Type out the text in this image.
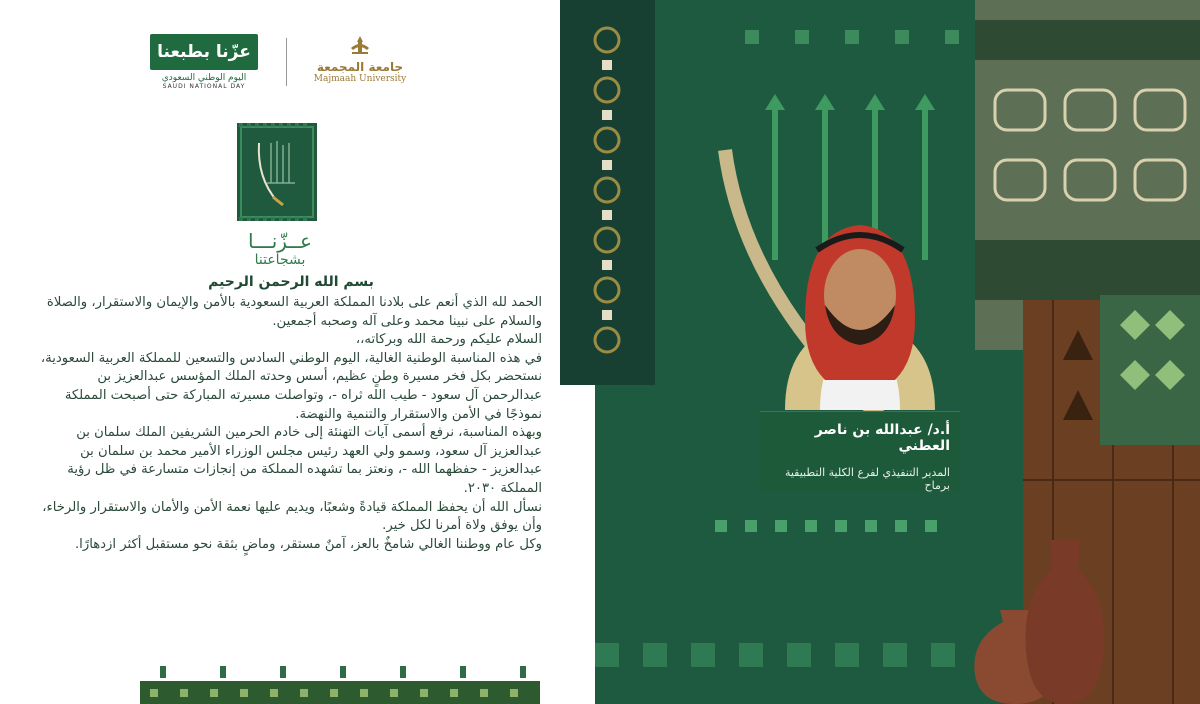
عزّنا بطبعنا
اليوم الوطني السعودي
SAUDI NATIONAL DAY
جامعة المجمعة
Majmaah University
عــزّنـــا
بشجاعتنا
بسم الله الرحمن الرحيم

الحمد لله الذي أنعم على بلادنا المملكة العربية السعودية بالأمن والإيمان والاستقرار، والصلاة والسلام على نبينا محمد وعلى آله وصحبه أجمعين.

السلام عليكم ورحمة الله وبركاته،،

في هذه المناسبة الوطنية الغالية، اليوم الوطني السادس والتسعين للمملكة العربية السعودية، نستحضر بكل فخر مسيرة وطنٍ عظيم، أسس وحدته الملك المؤسس عبدالعزيز بن عبدالرحمن آل سعود - طيب الله ثراه -، وتواصلت مسيرته المباركة حتى أصبحت المملكة نموذجًا في الأمن والاستقرار والتنمية والنهضة.

وبهذه المناسبة، نرفع أسمى آيات التهنئة إلى خادم الحرمين الشريفين الملك سلمان بن عبدالعزيز آل سعود، وسمو ولي العهد رئيس مجلس الوزراء الأمير محمد بن سلمان بن عبدالعزيز - حفظهما الله -، ونعتز بما تشهده المملكة من إنجازات متسارعة في ظل رؤية المملكة ٢٠٣٠.

نسأل الله أن يحفظ المملكة قيادةً وشعبًا، ويديم عليها نعمة الأمن والأمان والاستقرار والرخاء، وأن يوفق ولاة أمرنا لكل خير.

وكل عام ووطننا الغالي شامخٌ بالعز، آمنٌ مستقر، وماضٍ بثقة نحو مستقبل أكثر ازدهارًا.

أ.د/ عبدالله بن ناصر العطني
المدير التنفيذي لفرع الكلية التطبيقية برماح
